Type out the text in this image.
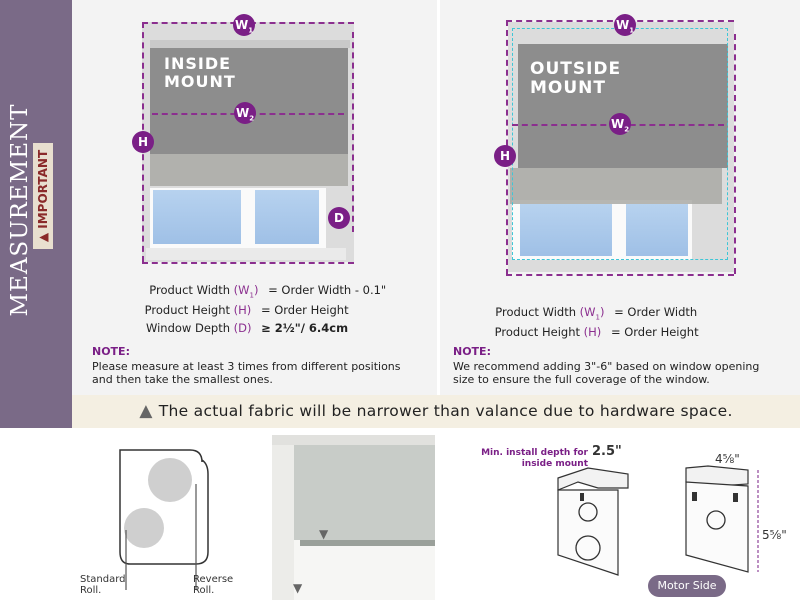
MEASUREMENT ▲ IMPORTANT
INSIDE
MOUNT
$W_1$
$W_2$
H
D
Product Width $(W_1)$ = Order Width - 0.1"
Product Height (H) = Order Height
Window Depth (D) ≥ 2½"/ 6.4cm
NOTE:
Please measure at least 3 times from different positions and then take the smallest ones.
OUTSIDE
MOUNT
$W_1$
$W_2$
H
Product Width $(W_1)$ = Order Width
Product Height (H) = Order Height
NOTE:
We recommend adding 3"-6" based on window opening size to ensure the full coverage of the window.
▲ The actual fabric will be narrower than valance due to hardware space.
Standard Roll.
Reverse Roll.
▼
▼
Min. install depth for inside mount
2.5"	4⅝"
5⅝"
Motor Side
